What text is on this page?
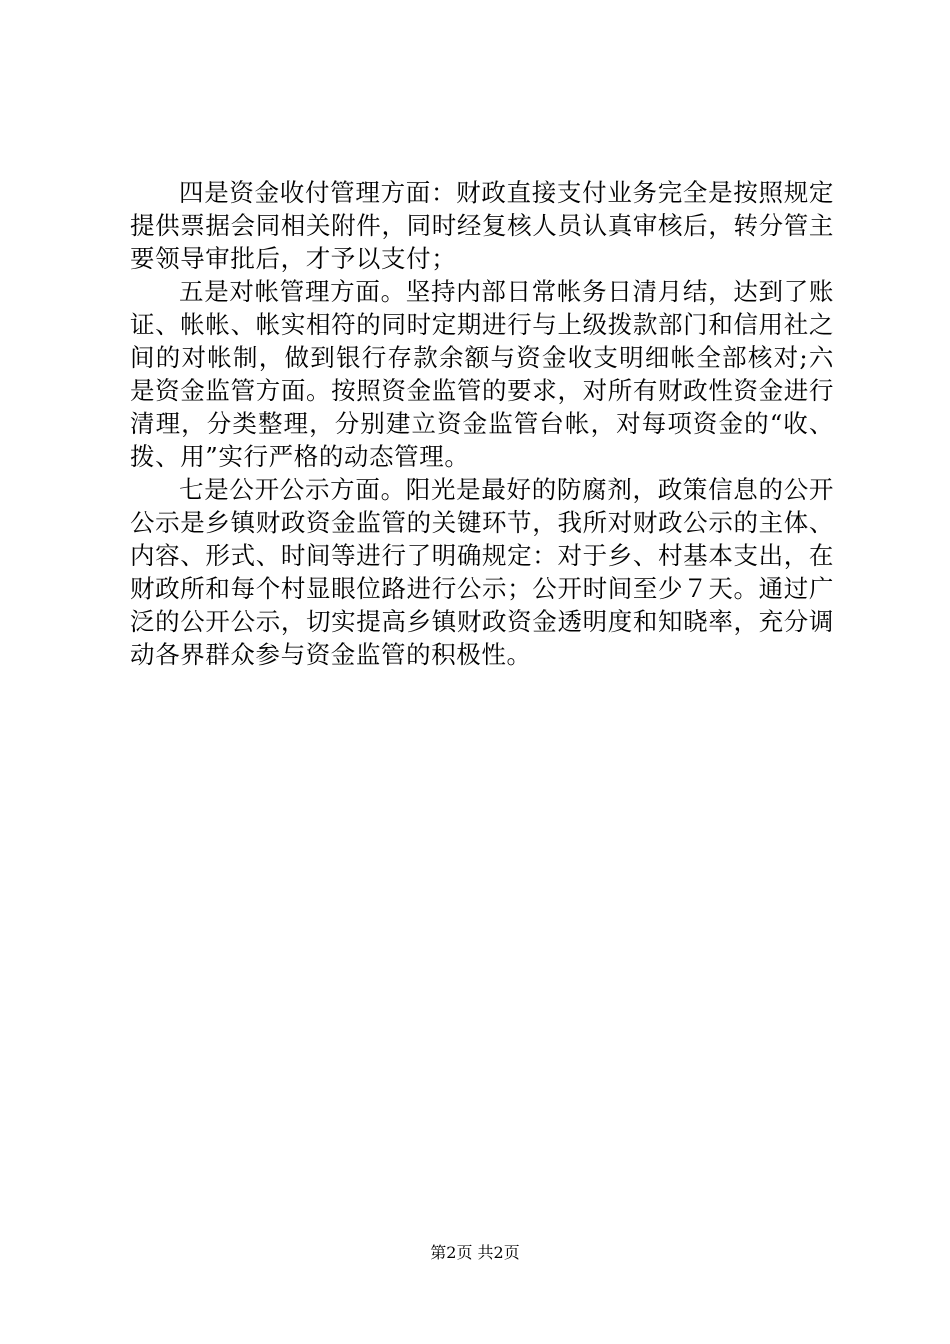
四是资金收付管理方面：财政直接支付业务完全是按照规定提供票据会同相关附件，同时经复核人员认真审核后，转分管主要领导审批后，才予以支付；

五是对帐管理方面。坚持内部日常帐务日清月结，达到了账证、帐帐、帐实相符的同时定期进行与上级拨款部门和信用社之间的对帐制，做到银行存款余额与资金收支明细帐全部核对;六是资金监管方面。按照资金监管的要求，对所有财政性资金进行清理，分类整理，分别建立资金监管台帐，对每项资金的“收、拨、用”实行严格的动态管理。

七是公开公示方面。阳光是最好的防腐剂，政策信息的公开公示是乡镇财政资金监管的关键环节，我所对财政公示的主体、内容、形式、时间等进行了明确规定：对于乡、村基本支出，在财政所和每个村显眼位路进行公示；公开时间至少７天。通过广泛的公开公示，切实提高乡镇财政资金透明度和知晓率，充分调动各界群众参与资金监管的积极性。

第2页 共2页
